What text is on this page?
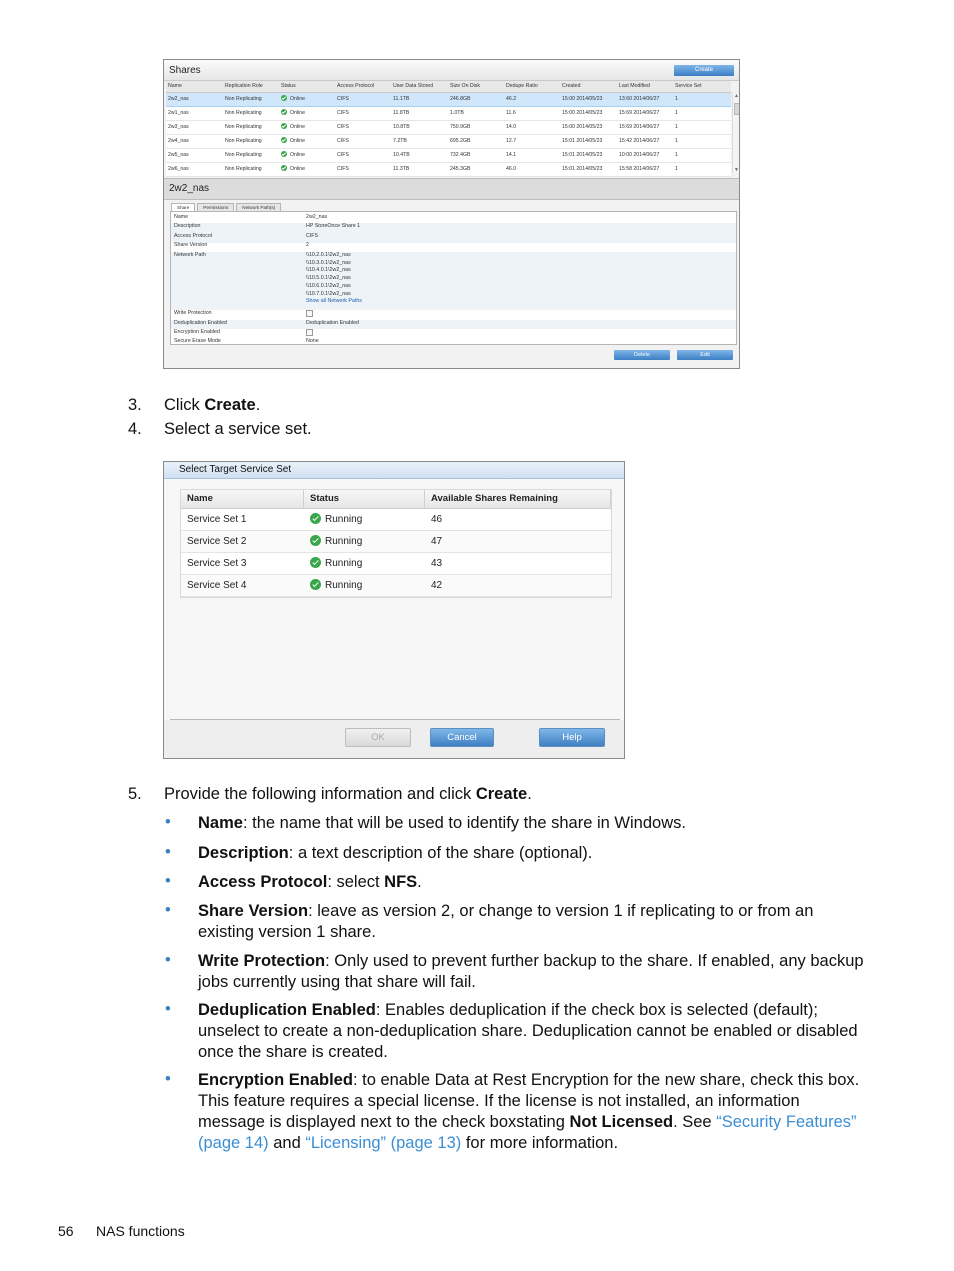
Shares	Create
Name	Replication Role	Status	Access Protocol	User Data Stored	Size On Disk	Dedupe Ratio	Created	Last Modified	Service Set
2w2_nas	Non Replicating	Online	CIFS	11.1TB	246.8GB	46.2	15:00 2014/05/23	13:60 2014/06/27	1
2w1_nas	Non Replicating	Online	CIFS	11.8TB	1.0TB	11.6	15:00 2014/05/23	15:69 2014/06/27	1
2w3_nas	Non Replicating	Online	CIFS	10.8TB	750.9GB	14.0	15:00 2014/05/23	15:69 2014/06/27	1
2w4_nas	Non Replicating	Online	CIFS	7.2TB	695.2GB	12.7	15:01 2014/05/23	15:42 2014/06/27	1
2w5_nas	Non Replicating	Online	CIFS	10.4TB	732.4GB	14.1	15:01 2014/05/23	10:00 2014/06/27	1
2w6_nas	Non Replicating	Online	CIFS	11.3TB	245.3GB	46.0	15:01 2014/05/23	15:58 2014/06/27	1
▲
▼
2w2_nas
Share	Permissions	Network Path(s)
Name	2w2_nas
Description	HP StoreOnce Share 1
Access Protocol	CIFS
Share Version	2
Network Path	\\10.2.0.1\2w2_nas
\\10.3.0.1\2w2_nas
\\10.4.0.1\2w2_nas
\\10.5.0.1\2w2_nas
\\10.6.0.1\2w2_nas
\\10.7.0.1\2w2_nas
Show all Network Paths
Write Protection
Deduplication Enabled	Deduplication Enabled
Encryption Enabled
Secure Erase Mode	None
Delete	Edit
3. Click Create.
4. Select a service set.
Select Target Service Set
Name	Status	Available Shares Remaining
Service Set 1	Running	46
Service Set 2	Running	47
Service Set 3	Running	43
Service Set 4	Running	42
OK	Cancel	Help
5. Provide the following information and click Create.
• Name: the name that will be used to identify the share in Windows.
• Description: a text description of the share (optional).
• Access Protocol: select NFS.
• Share Version: leave as version 2, or change to version 1 if replicating to or from an existing version 1 share.
• Write Protection: Only used to prevent further backup to the share. If enabled, any backup jobs currently using that share will fail.
• Deduplication Enabled: Enables deduplication if the check box is selected (default); unselect to create a non-deduplication share. Deduplication cannot be enabled or disabled once the share is created.
• Encryption Enabled: to enable Data at Rest Encryption for the new share, check this box. This feature requires a special license. If the license is not installed, an information message is displayed next to the check boxstating Not Licensed. See “Security Features” (page 14) and “Licensing” (page 13) for more information.
56 NAS functions
